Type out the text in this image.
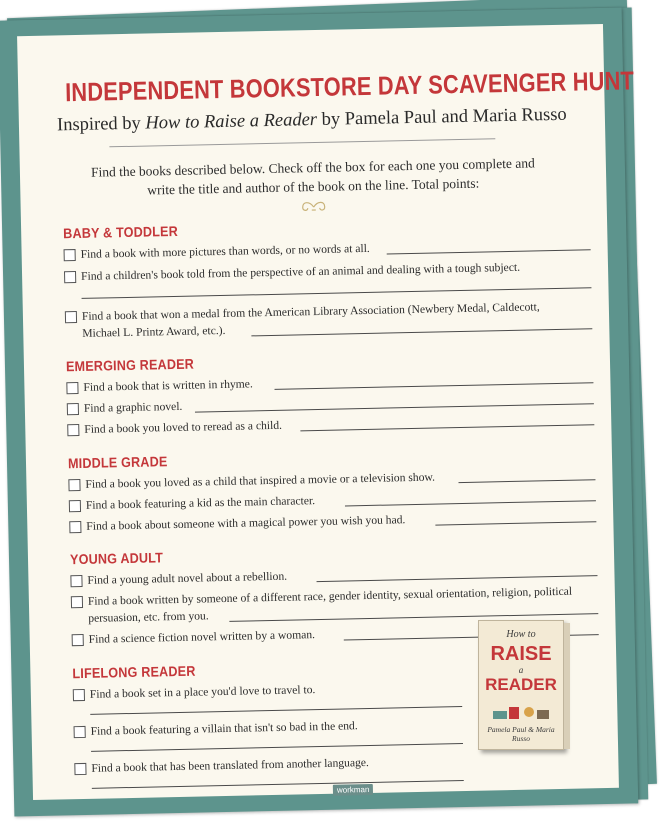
INDEPENDENT BOOKSTORE DAY SCAVENGER HUNT
Inspired by How to Raise a Reader by Pamela Paul and Maria Russo
Find the books described below. Check off the box for each one you complete and write the title and author of the book on the line. Total points:
BABY & TODDLER
Find a book with more pictures than words, or no words at all.
Find a children's book told from the perspective of an animal and dealing with a tough subject.
Find a book that won a medal from the American Library Association (Newbery Medal, Caldecott,
Michael L. Printz Award, etc.).
EMERGING READER
Find a book that is written in rhyme.
Find a graphic novel.
Find a book you loved to reread as a child.
MIDDLE GRADE
Find a book you loved as a child that inspired a movie or a television show.
Find a book featuring a kid as the main character.
Find a book about someone with a magical power you wish you had.
YOUNG ADULT
Find a young adult novel about a rebellion.
Find a book written by someone of a different race, gender identity, sexual orientation, religion, political
persuasion, etc. from you.
Find a science fiction novel written by a woman.
LIFELONG READER
Find a book set in a place you'd love to travel to.
Find a book featuring a villain that isn't so bad in the end.
Find a book that has been translated from another language.
workman
How to
RAISE
a
READER
Pamela Paul & Maria Russo
